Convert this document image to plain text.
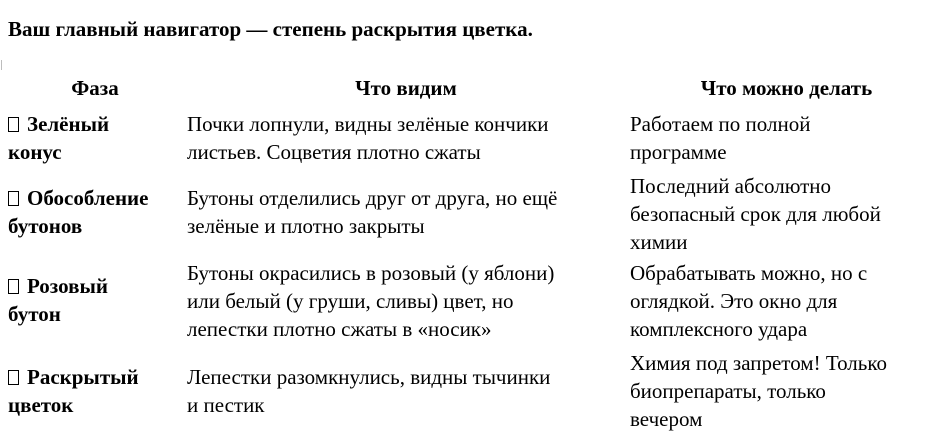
Ваш главный навигатор — степень раскрытия цветка.
Фаза	Что видим	Что можно делать
Зелёный
конус
Почки лопнули, видны зелёные кончики
листьев. Соцветия плотно сжаты
Работаем по полной
программе
Обособление
бутонов
Бутоны отделились друг от друга, но ещё
зелёные и плотно закрыты
Последний абсолютно
безопасный срок для любой
химии
Розовый
бутон
Бутоны окрасились в розовый (у яблони)
или белый (у груши, сливы) цвет, но
лепестки плотно сжаты в «носик»
Обрабатывать можно, но с
оглядкой. Это окно для
комплексного удара
Раскрытый
цветок
Лепестки разомкнулись, видны тычинки
и пестик
Химия под запретом! Только
биопрепараты, только
вечером
